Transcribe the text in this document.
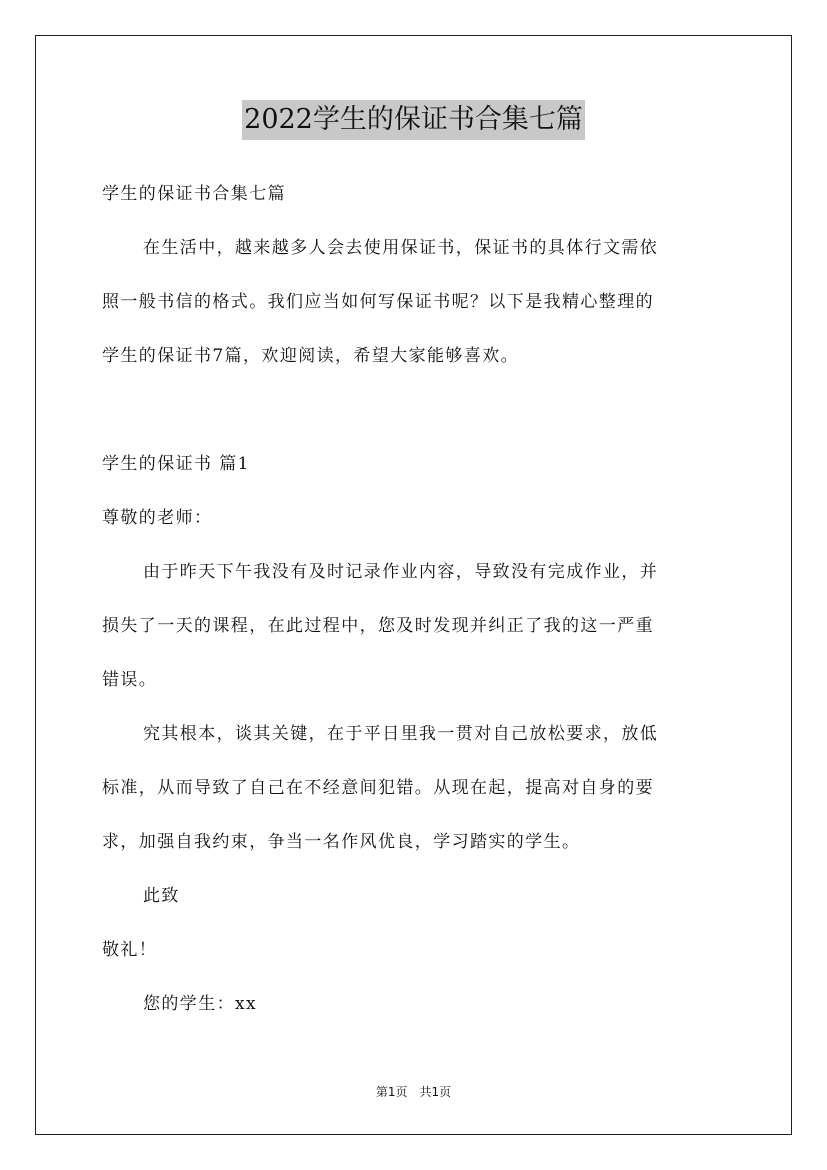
2022学生的保证书合集七篇
学生的保证书合集七篇
在生活中，越来越多人会去使用保证书，保证书的具体行文需依
照一般书信的格式。我们应当如何写保证书呢？以下是我精心整理的
学生的保证书7篇，欢迎阅读，希望大家能够喜欢。
学生的保证书 篇1
尊敬的老师：
由于昨天下午我没有及时记录作业内容，导致没有完成作业，并
损失了一天的课程，在此过程中，您及时发现并纠正了我的这一严重
错误。
究其根本，谈其关键，在于平日里我一贯对自己放松要求，放低
标准，从而导致了自己在不经意间犯错。从现在起，提高对自身的要
求，加强自我约束，争当一名作风优良，学习踏实的学生。
此致
敬礼！
您的学生：xx
第1页　共1页
